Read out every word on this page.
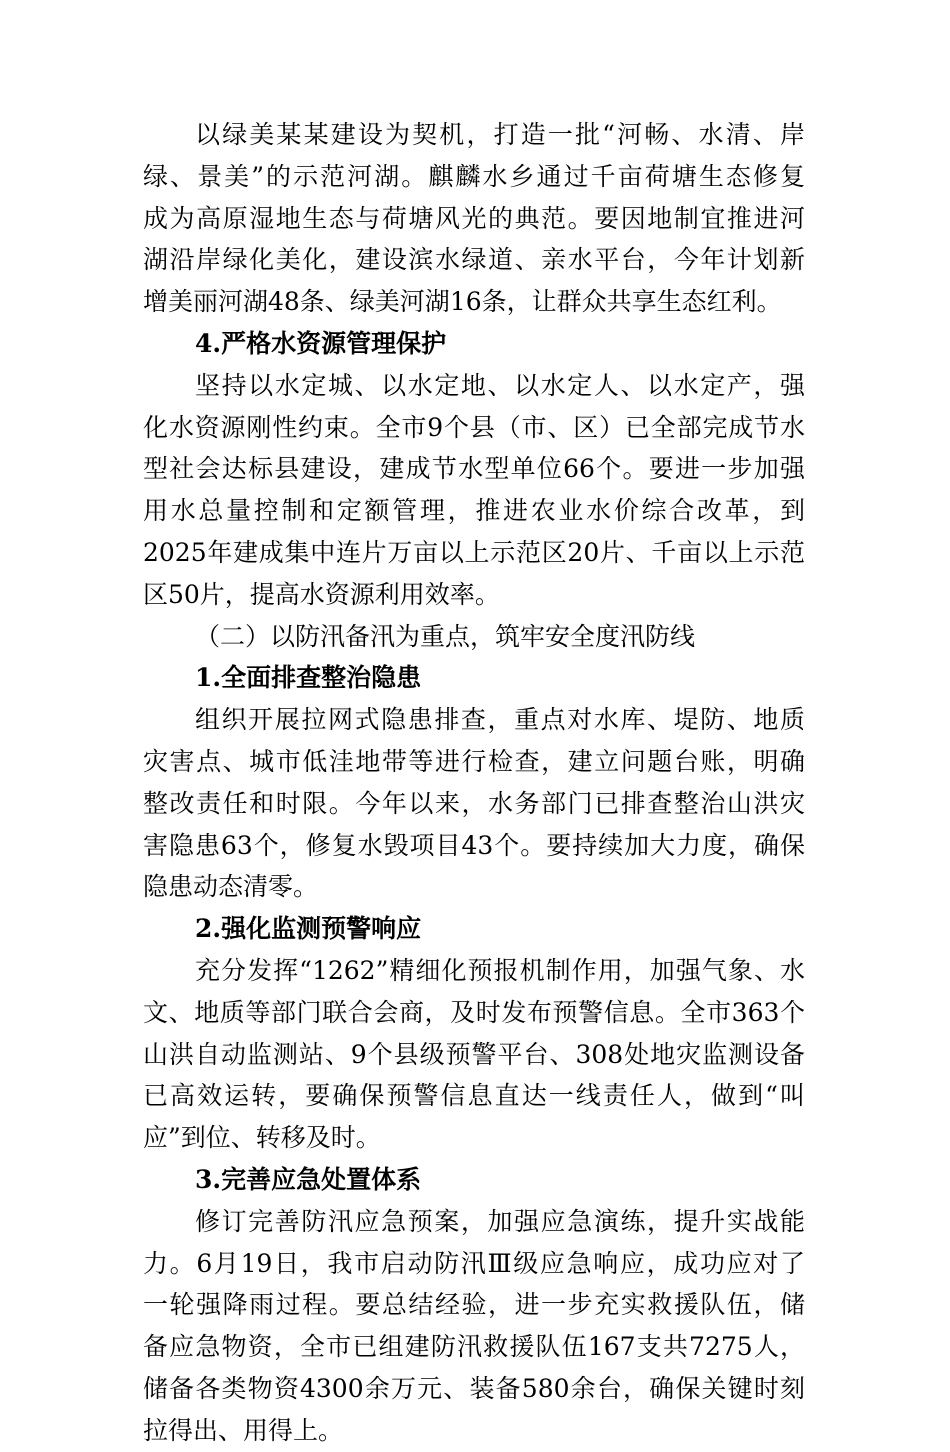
以绿美某某建设为契机，打造一批“河畅、水清、岸
绿、景美”的示范河湖。麒麟水乡通过千亩荷塘生态修复
成为高原湿地生态与荷塘风光的典范。要因地制宜推进河
湖沿岸绿化美化，建设滨水绿道、亲水平台，今年计划新
增美丽河湖48条、绿美河湖16条，让群众共享生态红利。
4.严格水资源管理保护
坚持以水定城、以水定地、以水定人、以水定产，强
化水资源刚性约束。全市9个县（市、区）已全部完成节水
型社会达标县建设，建成节水型单位66个。要进一步加强
用水总量控制和定额管理，推进农业水价综合改革，到
2025年建成集中连片万亩以上示范区20片、千亩以上示范
区50片，提高水资源利用效率。
（二）以防汛备汛为重点，筑牢安全度汛防线
1.全面排查整治隐患
组织开展拉网式隐患排查，重点对水库、堤防、地质
灾害点、城市低洼地带等进行检查，建立问题台账，明确
整改责任和时限。今年以来，水务部门已排查整治山洪灾
害隐患63个，修复水毁项目43个。要持续加大力度，确保
隐患动态清零。
2.强化监测预警响应
充分发挥“1262”精细化预报机制作用，加强气象、水
文、地质等部门联合会商，及时发布预警信息。全市363个
山洪自动监测站、9个县级预警平台、308处地灾监测设备
已高效运转，要确保预警信息直达一线责任人，做到“叫
应”到位、转移及时。
3.完善应急处置体系
修订完善防汛应急预案，加强应急演练，提升实战能
力。6月19日，我市启动防汛Ⅲ级应急响应，成功应对了
一轮强降雨过程。要总结经验，进一步充实救援队伍，储
备应急物资，全市已组建防汛救援队伍167支共7275人，
储备各类物资4300余万元、装备580余台，确保关键时刻
拉得出、用得上。
